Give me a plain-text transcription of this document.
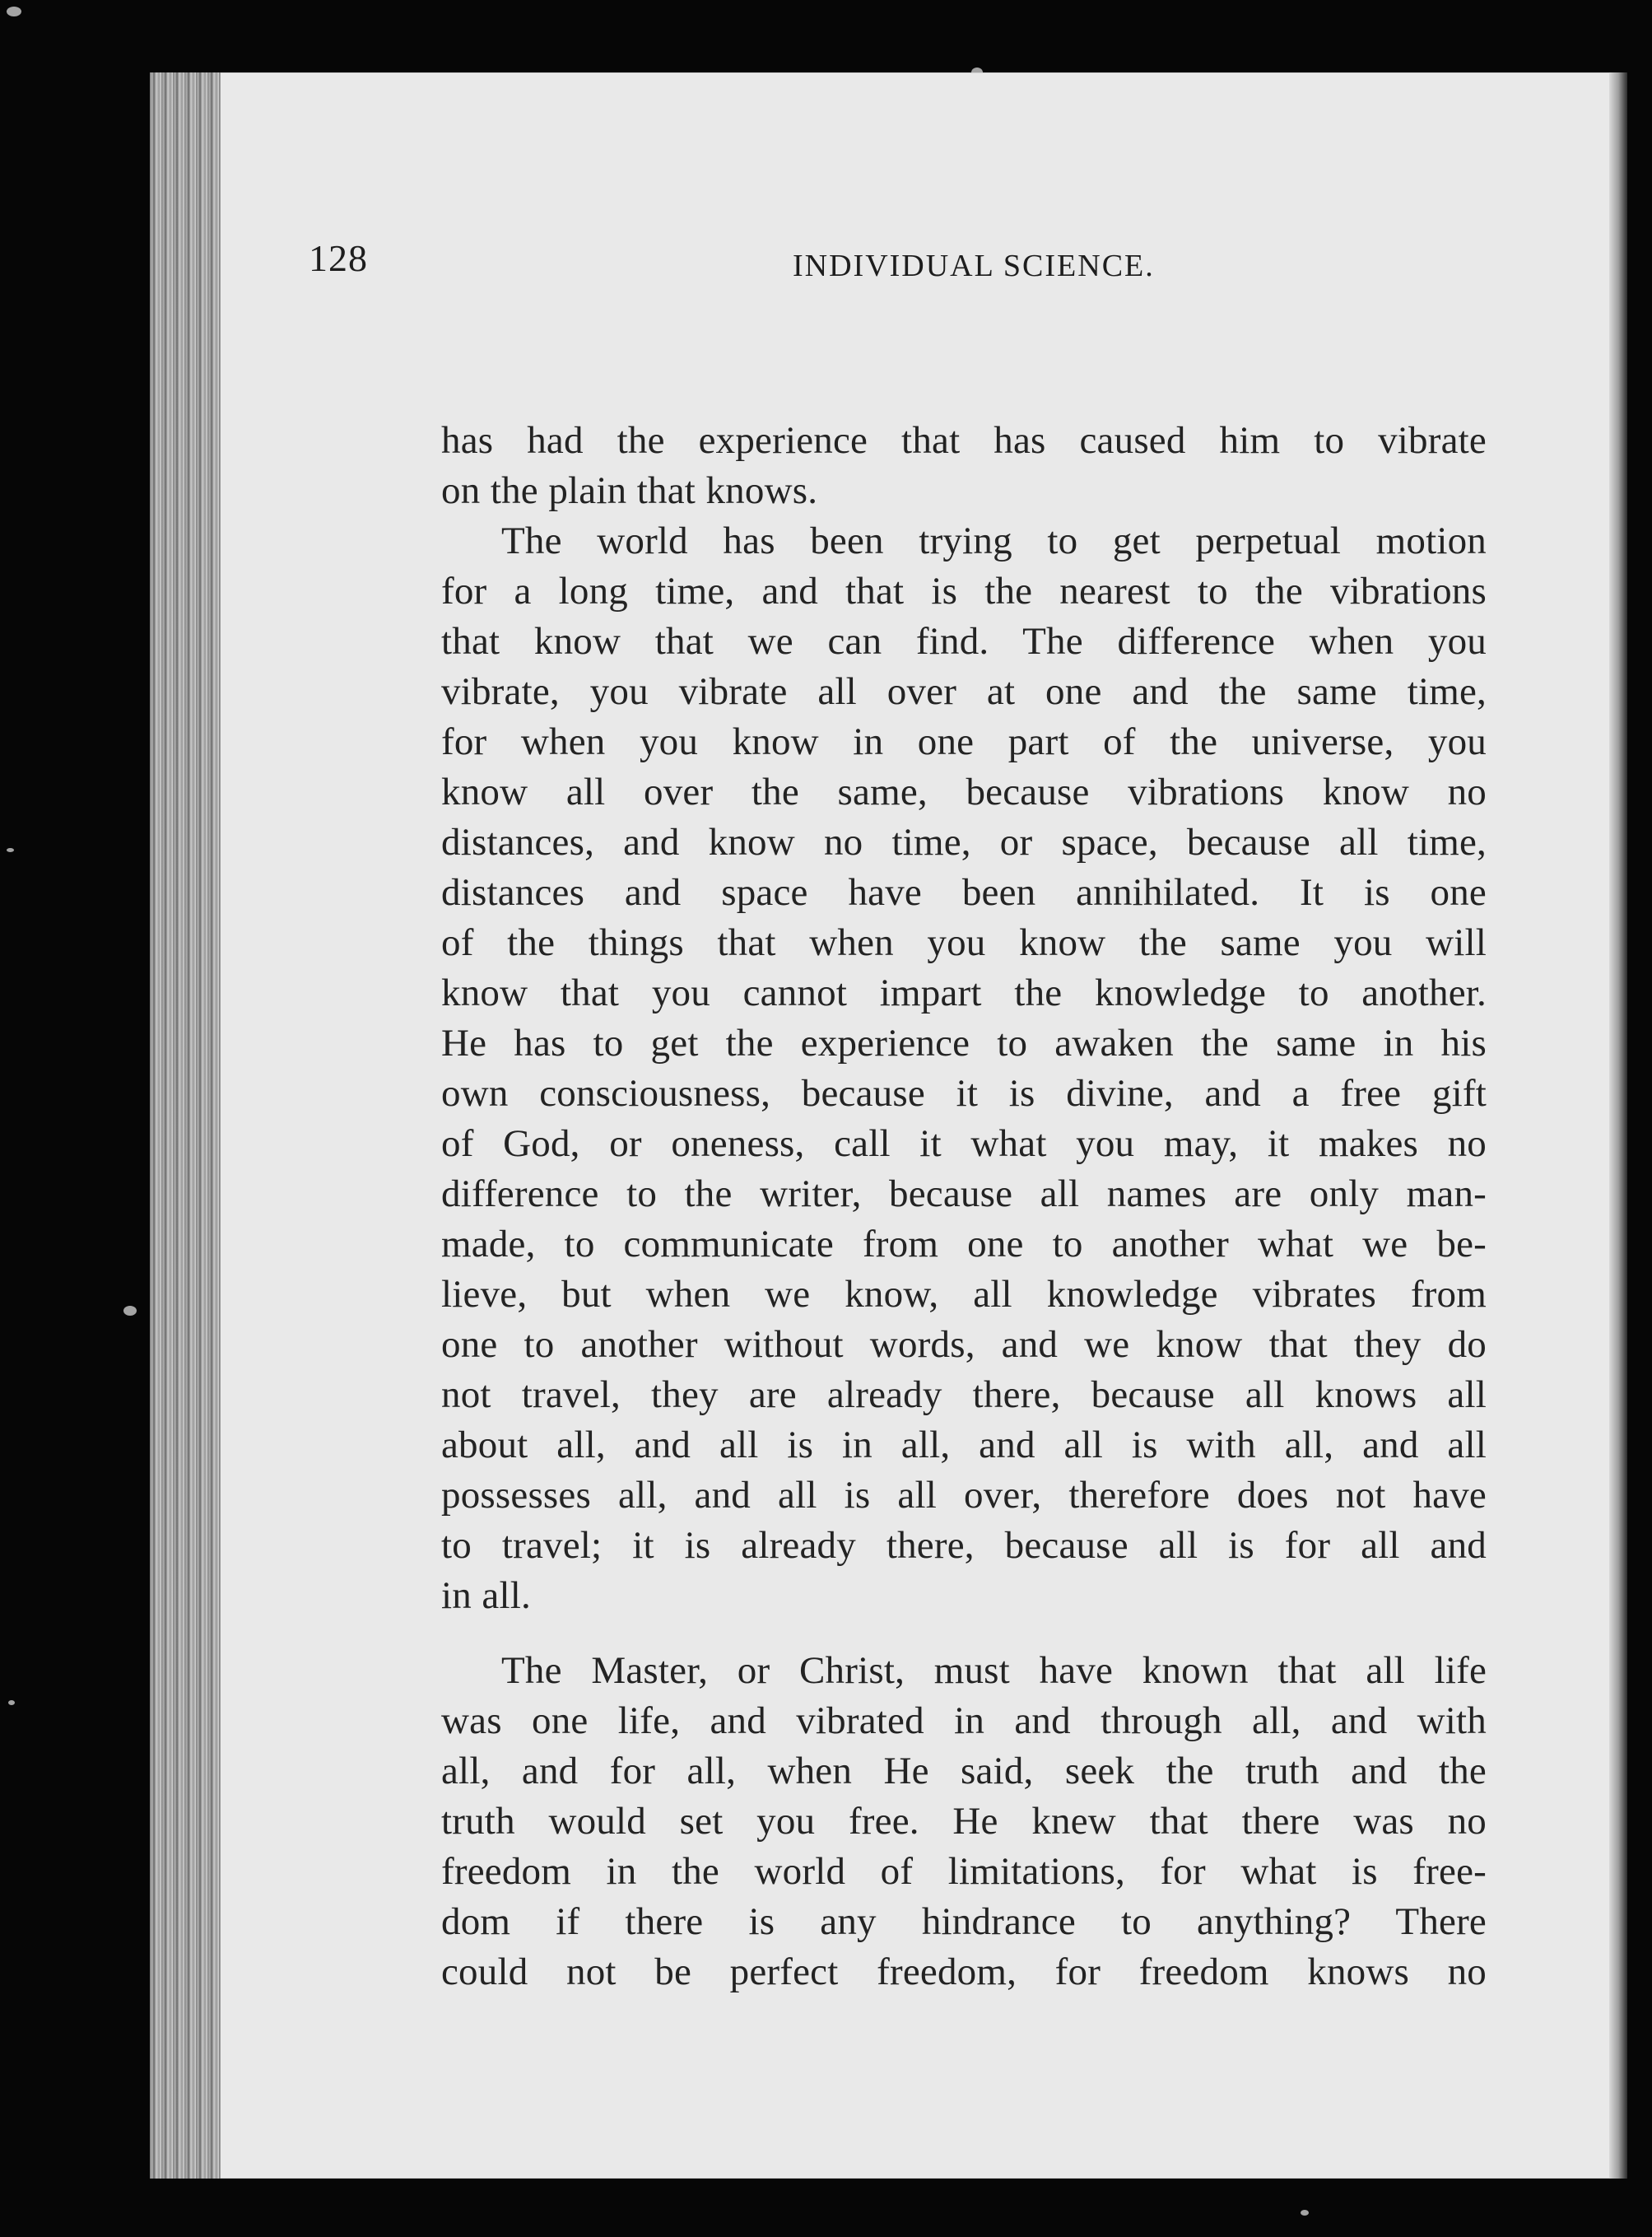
128	INDIVIDUAL SCIENCE.
has had the experience that has caused him to vibrate
on the plain that knows.
The world has been trying to get perpetual motion
for a long time, and that is the nearest to the vibrations
that know that we can find. The difference when you
vibrate, you vibrate all over at one and the same time,
for when you know in one part of the universe, you
know all over the same, because vibrations know no
distances, and know no time, or space, because all time,
distances and space have been annihilated. It is one
of the things that when you know the same you will
know that you cannot impart the knowledge to another.
He has to get the experience to awaken the same in his
own consciousness, because it is divine, and a free gift
of God, or oneness, call it what you may, it makes no
difference to the writer, because all names are only man-
made, to communicate from one to another what we be-
lieve, but when we know, all knowledge vibrates from
one to another without words, and we know that they do
not travel, they are already there, because all knows all
about all, and all is in all, and all is with all, and all
possesses all, and all is all over, therefore does not have
to travel; it is already there, because all is for all and
in all.
The Master, or Christ, must have known that all life
was one life, and vibrated in and through all, and with
all, and for all, when He said, seek the truth and the
truth would set you free. He knew that there was no
freedom in the world of limitations, for what is free-
dom if there is any hindrance to anything? There
could not be perfect freedom, for freedom knows no
